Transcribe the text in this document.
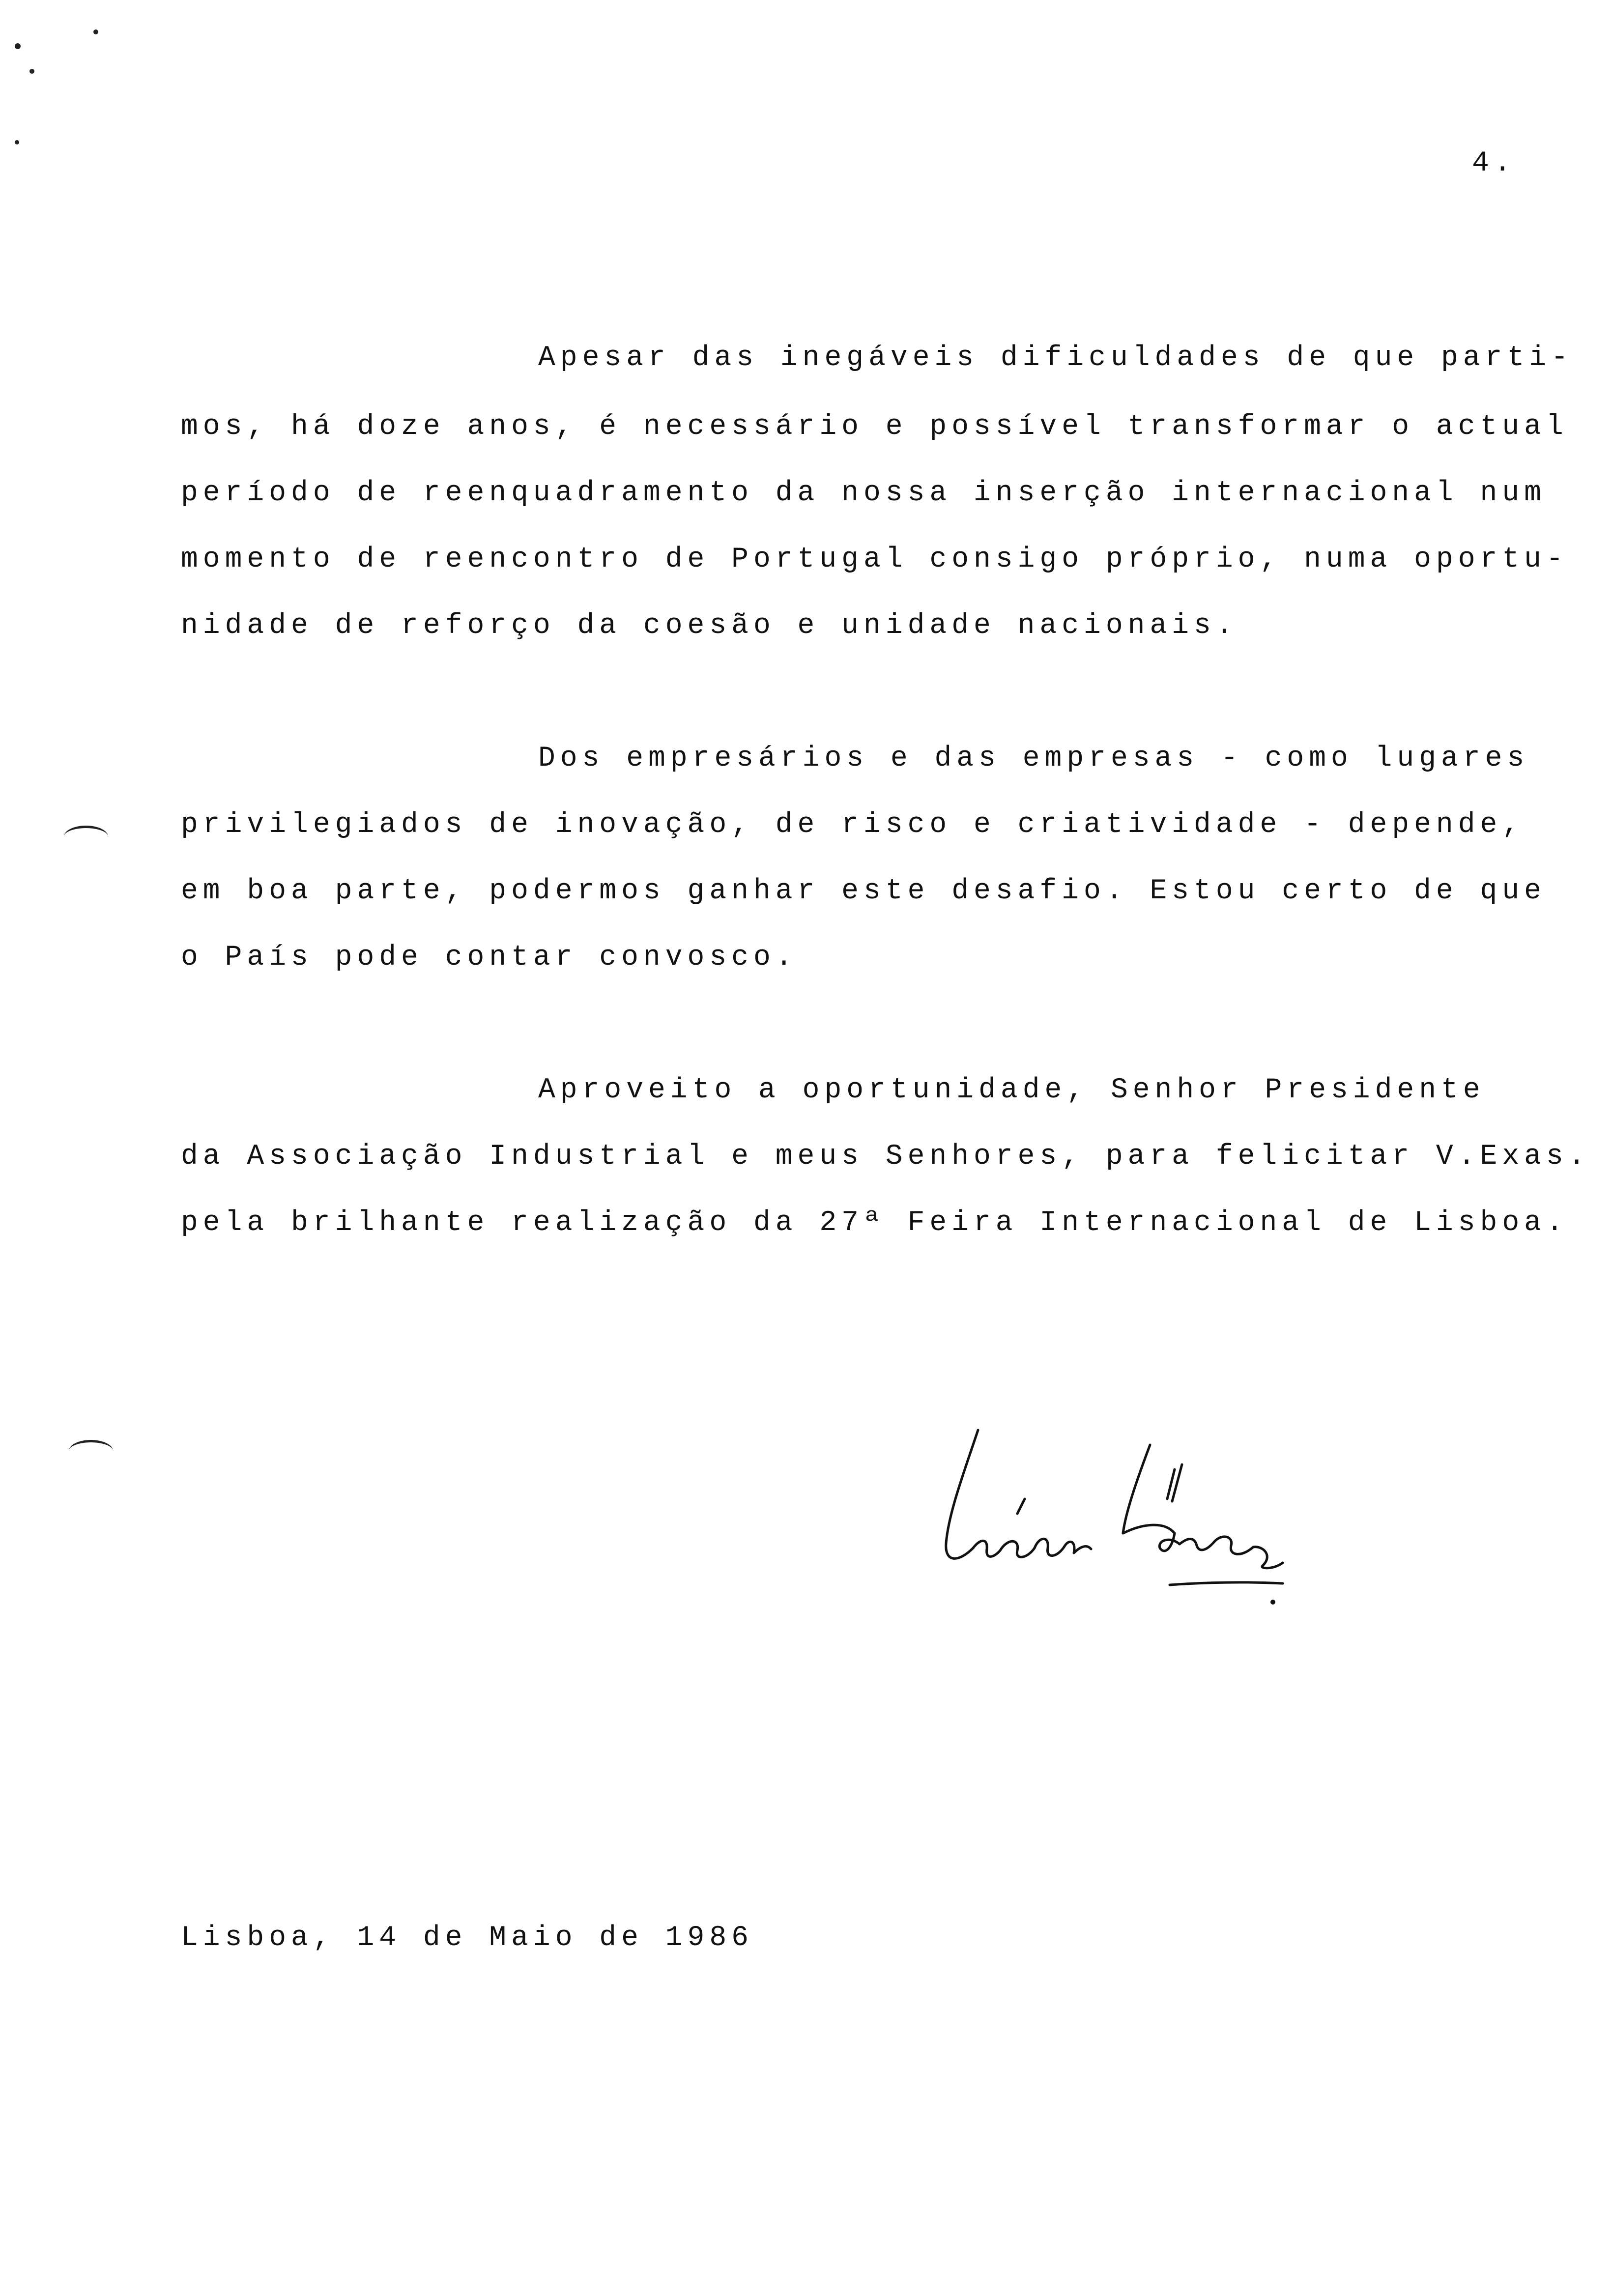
4.
Apesar das inegáveis dificuldades de que parti-
mos, há doze anos, é necessário e possível transformar o actual
período de reenquadramento da nossa inserção internacional num
momento de reencontro de Portugal consigo próprio, numa oportu-
nidade de reforço da coesão e unidade nacionais.
Dos empresários e das empresas - como lugares
privilegiados de inovação, de risco e criatividade - depende,
em boa parte, podermos ganhar este desafio. Estou certo de que
o País pode contar convosco.
Aproveito a oportunidade, Senhor Presidente
da Associação Industrial e meus Senhores, para felicitar V.Exas.
pela brilhante realização da 27ª Feira Internacional de Lisboa.
Lisboa, 14 de Maio de 1986
